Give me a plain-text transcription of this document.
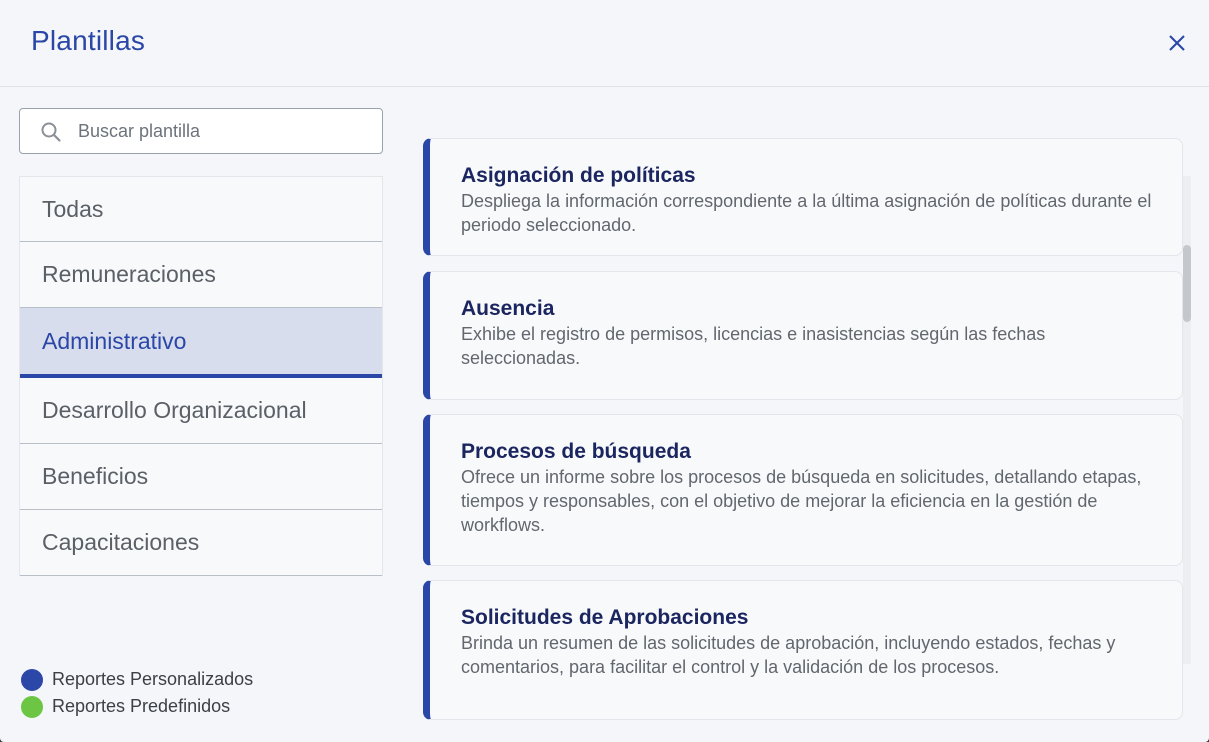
Plantillas
Buscar plantilla
Todas
Remuneraciones
Administrativo
Desarrollo Organizacional
Beneficios
Capacitaciones
Reportes Personalizados
Reportes Predefinidos
Asignación de políticas

Despliega la información correspondiente a la última asignación de políticas durante el periodo seleccionado.

Ausencia

Exhibe el registro de permisos, licencias e inasistencias según las fechas seleccionadas.

Procesos de búsqueda

Ofrece un informe sobre los procesos de búsqueda en solicitudes, detallando etapas, tiempos y responsables, con el objetivo de mejorar la eficiencia en la gestión de workflows.

Solicitudes de Aprobaciones

Brinda un resumen de las solicitudes de aprobación, incluyendo estados, fechas y comentarios, para facilitar el control y la validación de los procesos.
